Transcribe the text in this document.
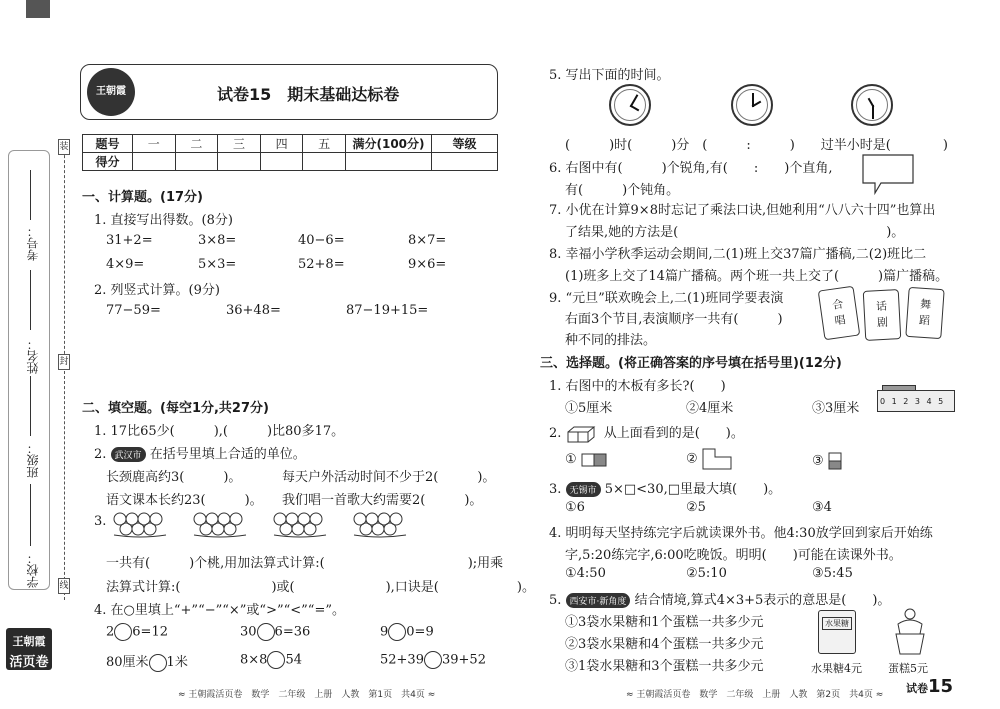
装
封
线
考号：
姓名：
班级：
学校：
王朝霞
活页卷
王朝霞	试卷15　期末基础达标卷
题号	一	二	三	四	五	满分(100分)	等级
得分							
一、计算题。(17分)
1. 直接写出得数。(8分)
31+2=	3×8=	40−6=	8×7=
4×9=	5×3=	52+8=	9×6=
2. 列竖式计算。(9分)
77−59=	36+48=	87−19+15=
二、填空题。(每空1分,共27分)
1. 17比65少(　　　),(　　　)比80多17。
2. 武汉市 在括号里填上合适的单位。
长颈鹿高约3(　　　)。	每天户外活动时间不少于2(　　　)。
语文课本长约23(　　　)。 我们唱一首歌大约需要2(　　　)。
3.
一共有(　　　)个桃,用加法算式计算:(　　　　　　　　　　　);用乘
法算式计算:(　　　　　　　)或(　　　　　　　),口诀是(　　　　　　)。
4. 在○里填上“+”“−”“×”或“>”“<”“=”。
2 6=12	30 6=36	9 0=9
80厘米 1米	8×8 54	52+39 39+52
≈ 王朝霞活页卷　数学　二年级　上册　人教　第1页　共4页 ≈
5. 写出下面的时间。
(　　　)时(　　　)分　(　　　:　　　)　　过半小时是(　　　　)
6. 右图中有(　　　)个锐角,有(　　:　　)个直角,
有(　　　)个钝角。
7. 小优在计算9×8时忘记了乘法口诀,但她利用“八八六十四”也算出
了结果,她的方法是(　　　　　　　　　　　　　　　　)。
8. 幸福小学秋季运动会期间,二(1)班上交37篇广播稿,二(2)班比二
(1)班多上交了14篇广播稿。两个班一共上交了(　　　)篇广播稿。
9. “元旦”联欢晚会上,二(1)班同学要表演
右面3个节目,表演顺序一共有(　　　)
种不同的排法。
合
唱
话
剧
舞
蹈
三、选择题。(将正确答案的序号填在括号里)(12分)
1. 右图中的木板有多长?(　　)
①5厘米	②4厘米	③3厘米	0 1 2 3 4 5
2.	从上面看到的是(　　)。
①	②	③
3. 无锡市 5×□<30,□里最大填(　　)。
①6	②5	③4
4. 明明每天坚持练完字后就读课外书。他4:30放学回到家后开始练
字,5:20练完字,6:00吃晚饭。明明(　　)可能在读课外书。
①4:50	②5:10	③5:45
5. 西安市·新角度 结合情境,算式4×3+5表示的意思是(　　)。
①3袋水果糖和1个蛋糕一共多少元
②3袋水果糖和4个蛋糕一共多少元
③1袋水果糖和3个蛋糕一共多少元
水果糖
水果糖4元 蛋糕5元
≈ 王朝霞活页卷　数学　二年级　上册　人教　第2页　共4页 ≈ 试卷15
